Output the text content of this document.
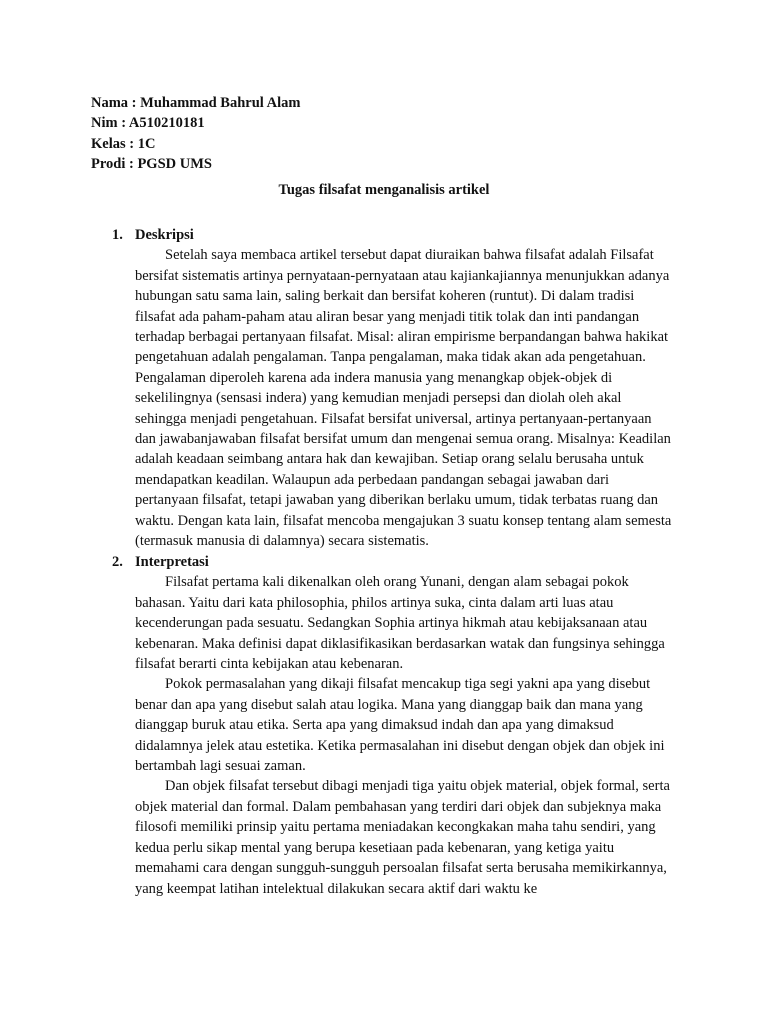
Nama : Muhammad Bahrul Alam
Nim : A510210181
Kelas : 1C
Prodi : PGSD UMS
Tugas filsafat menganalisis artikel
1. Deskripsi

Setelah saya membaca artikel tersebut dapat diuraikan bahwa filsafat adalah Filsafat bersifat sistematis artinya pernyataan-pernyataan atau kajiankajiannya menunjukkan adanya hubungan satu sama lain, saling berkait dan bersifat koheren (runtut). Di dalam tradisi filsafat ada paham-paham atau aliran besar yang menjadi titik tolak dan inti pandangan terhadap berbagai pertanyaan filsafat. Misal: aliran empirisme berpandangan bahwa hakikat pengetahuan adalah pengalaman. Tanpa pengalaman, maka tidak akan ada pengetahuan. Pengalaman diperoleh karena ada indera manusia yang menangkap objek-objek di sekelilingnya (sensasi indera) yang kemudian menjadi persepsi dan diolah oleh akal sehingga menjadi pengetahuan. Filsafat bersifat universal, artinya pertanyaan-pertanyaan dan jawabanjawaban filsafat bersifat umum dan mengenai semua orang. Misalnya: Keadilan adalah keadaan seimbang antara hak dan kewajiban. Setiap orang selalu berusaha untuk mendapatkan keadilan. Walaupun ada perbedaan pandangan sebagai jawaban dari pertanyaan filsafat, tetapi jawaban yang diberikan berlaku umum, tidak terbatas ruang dan waktu. Dengan kata lain, filsafat mencoba mengajukan 3 suatu konsep tentang alam semesta (termasuk manusia di dalamnya) secara sistematis.

2. Interpretasi

Filsafat pertama kali dikenalkan oleh orang Yunani, dengan alam sebagai pokok bahasan. Yaitu dari kata philosophia, philos artinya suka, cinta dalam arti luas atau kecenderungan pada sesuatu. Sedangkan Sophia artinya hikmah atau kebijaksanaan atau kebenaran. Maka definisi dapat diklasifikasikan berdasarkan watak dan fungsinya sehingga filsafat berarti cinta kebijakan atau kebenaran.

Pokok permasalahan yang dikaji filsafat mencakup tiga segi yakni apa yang disebut benar dan apa yang disebut salah atau logika. Mana yang dianggap baik dan mana yang dianggap buruk atau etika. Serta apa yang dimaksud indah dan apa yang dimaksud didalamnya jelek atau estetika. Ketika permasalahan ini disebut dengan objek dan objek ini bertambah lagi sesuai zaman.

Dan objek filsafat tersebut dibagi menjadi tiga yaitu objek material, objek formal, serta objek material dan formal. Dalam pembahasan yang terdiri dari objek dan subjeknya maka filosofi memiliki prinsip yaitu pertama meniadakan kecongkakan maha tahu sendiri, yang kedua perlu sikap mental yang berupa kesetiaan pada kebenaran, yang ketiga yaitu memahami cara dengan sungguh-sungguh persoalan filsafat serta berusaha memikirkannya, yang keempat latihan intelektual dilakukan secara aktif dari waktu ke
